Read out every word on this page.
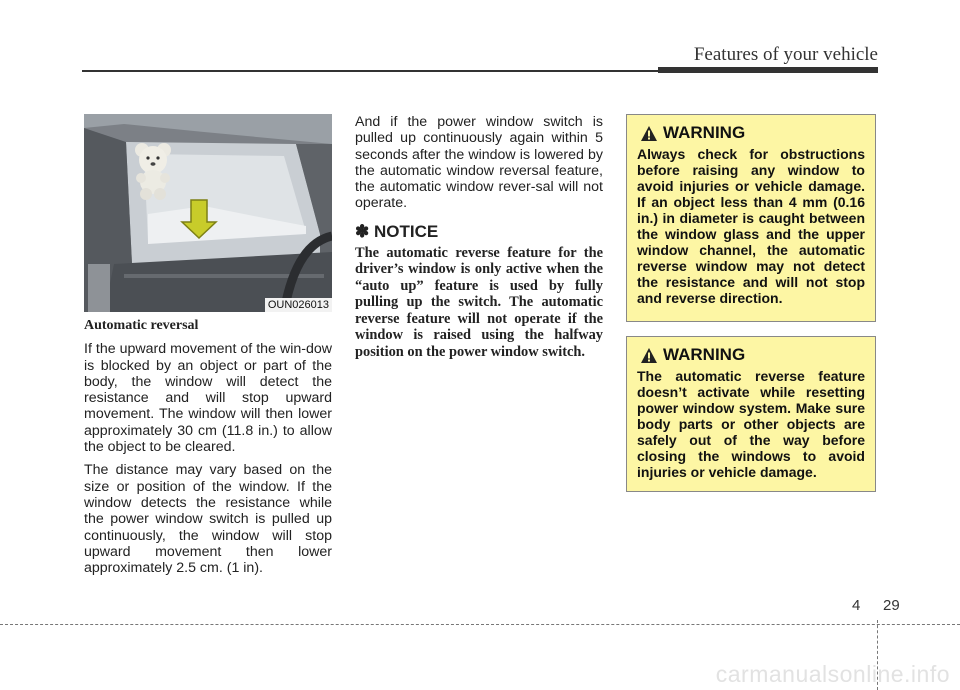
Features of your vehicle
OUN026013
Automatic reversal

If the upward movement of the win-dow is blocked by an object or part of the body, the window will detect the resistance and will stop upward movement. The window will then lower approximately 30 cm (11.8 in.) to allow the object to be cleared.

The distance may vary based on the size or position of the window. If the window detects the resistance while the power window switch is pulled up continuously, the window will stop upward movement then lower approximately 2.5 cm. (1 in).

And if the power window switch is pulled up continuously again within 5 seconds after the window is lowered by the automatic window reversal feature, the automatic window rever-sal will not operate.

✽ NOTICE

The automatic reverse feature for the driver’s window is only active when the “auto up” feature is used by fully pulling up the switch. The automatic reverse feature will not operate if the window is raised using the halfway position on the power window switch.

WARNING

Always check for obstructions before raising any window to avoid injuries or vehicle damage. If an object less than 4 mm (0.16 in.) in diameter is caught between the window glass and the upper window channel, the automatic reverse window may not detect the resistance and will not stop and reverse direction.

WARNING

The automatic reverse feature doesn’t activate while resetting power window system. Make sure body parts or other objects are safely out of the way before closing the windows to avoid injuries or vehicle damage.

4 29
carmanualsonline.info
